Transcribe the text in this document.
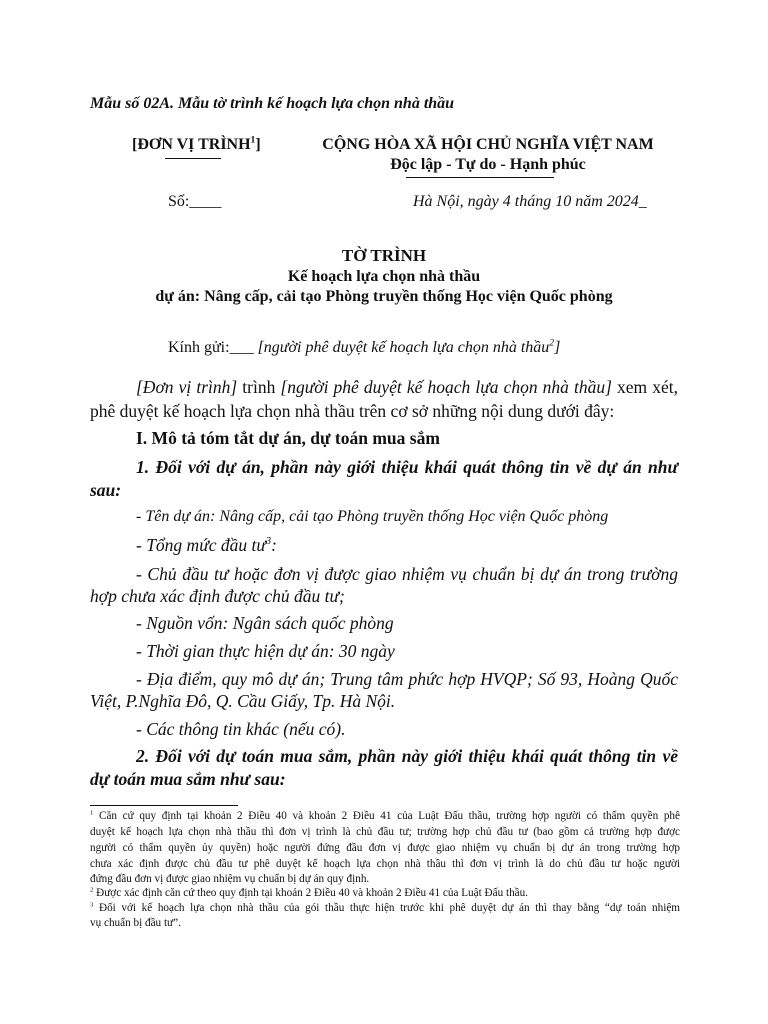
Mẫu số 02A. Mẫu tờ trình kế hoạch lựa chọn nhà thầu
[ĐƠN VỊ TRÌNH$^1$]	CỘNG HÒA XÃ HỘI CHỦ NGHĨA VIỆT NAM
Độc lập - Tự do - Hạnh phúc
Số:____	Hà Nội, ngày 4 tháng 10 năm 2024_
TỜ TRÌNH
Kế hoạch lựa chọn nhà thầu
dự án: Nâng cấp, cải tạo Phòng truyền thống Học viện Quốc phòng
Kính gửi:___ [người phê duyệt kế hoạch lựa chọn nhà thầu$^2$]
[Đơn vị trình] trình [người phê duyệt kế hoạch lựa chọn nhà thầu] xem xét,
phê duyệt kế hoạch lựa chọn nhà thầu trên cơ sở những nội dung dưới đây:
I. Mô tả tóm tắt dự án, dự toán mua sắm
1. Đối với dự án, phần này giới thiệu khái quát thông tin về dự án như
sau:
- Tên dự án: Nâng cấp, cải tạo Phòng truyền thống Học viện Quốc phòng
- Tổng mức đầu $tư^3$:
- Chủ đầu tư hoặc đơn vị được giao nhiệm vụ chuẩn bị dự án trong trường
hợp chưa xác định được chủ đầu tư;
- Nguồn vốn: Ngân sách quốc phòng
- Thời gian thực hiện dự án: 30 ngày
- Địa điểm, quy mô dự án; Trung tâm phức hợp HVQP; Số 93, Hoàng Quốc
Việt, P.Nghĩa Đô, Q. Cầu Giấy, Tp. Hà Nội.
- Các thông tin khác (nếu có).
2. Đối với dự toán mua sắm, phần này giới thiệu khái quát thông tin về
dự toán mua sắm như sau:
$^1$ Căn cứ quy định tại khoản 2 Điều 40 và khoản 2 Điều 41 của Luật Đấu thầu, trường hợp người có thẩm quyền phê
duyệt kế hoạch lựa chọn nhà thầu thì đơn vị trình là chủ đầu tư; trường hợp chủ đầu tư (bao gồm cả trường hợp được
người có thẩm quyền ủy quyền) hoặc người đứng đầu đơn vị được giao nhiệm vụ chuẩn bị dự án trong trường hợp
chưa xác định được chủ đầu tư phê duyệt kế hoạch lựa chọn nhà thầu thì đơn vị trình là do chủ đầu tư hoặc người
đứng đầu đơn vị được giao nhiệm vụ chuẩn bị dự án quy định.
$^2$ Được xác định căn cứ theo quy định tại khoản 2 Điều 40 và khoản 2 Điều 41 của Luật Đấu thầu.
$^3$ Đối với kế hoạch lựa chọn nhà thầu của gói thầu thực hiện trước khi phê duyệt dự án thì thay bằng “dự toán nhiệm
vụ chuẩn bị đầu tư”.
